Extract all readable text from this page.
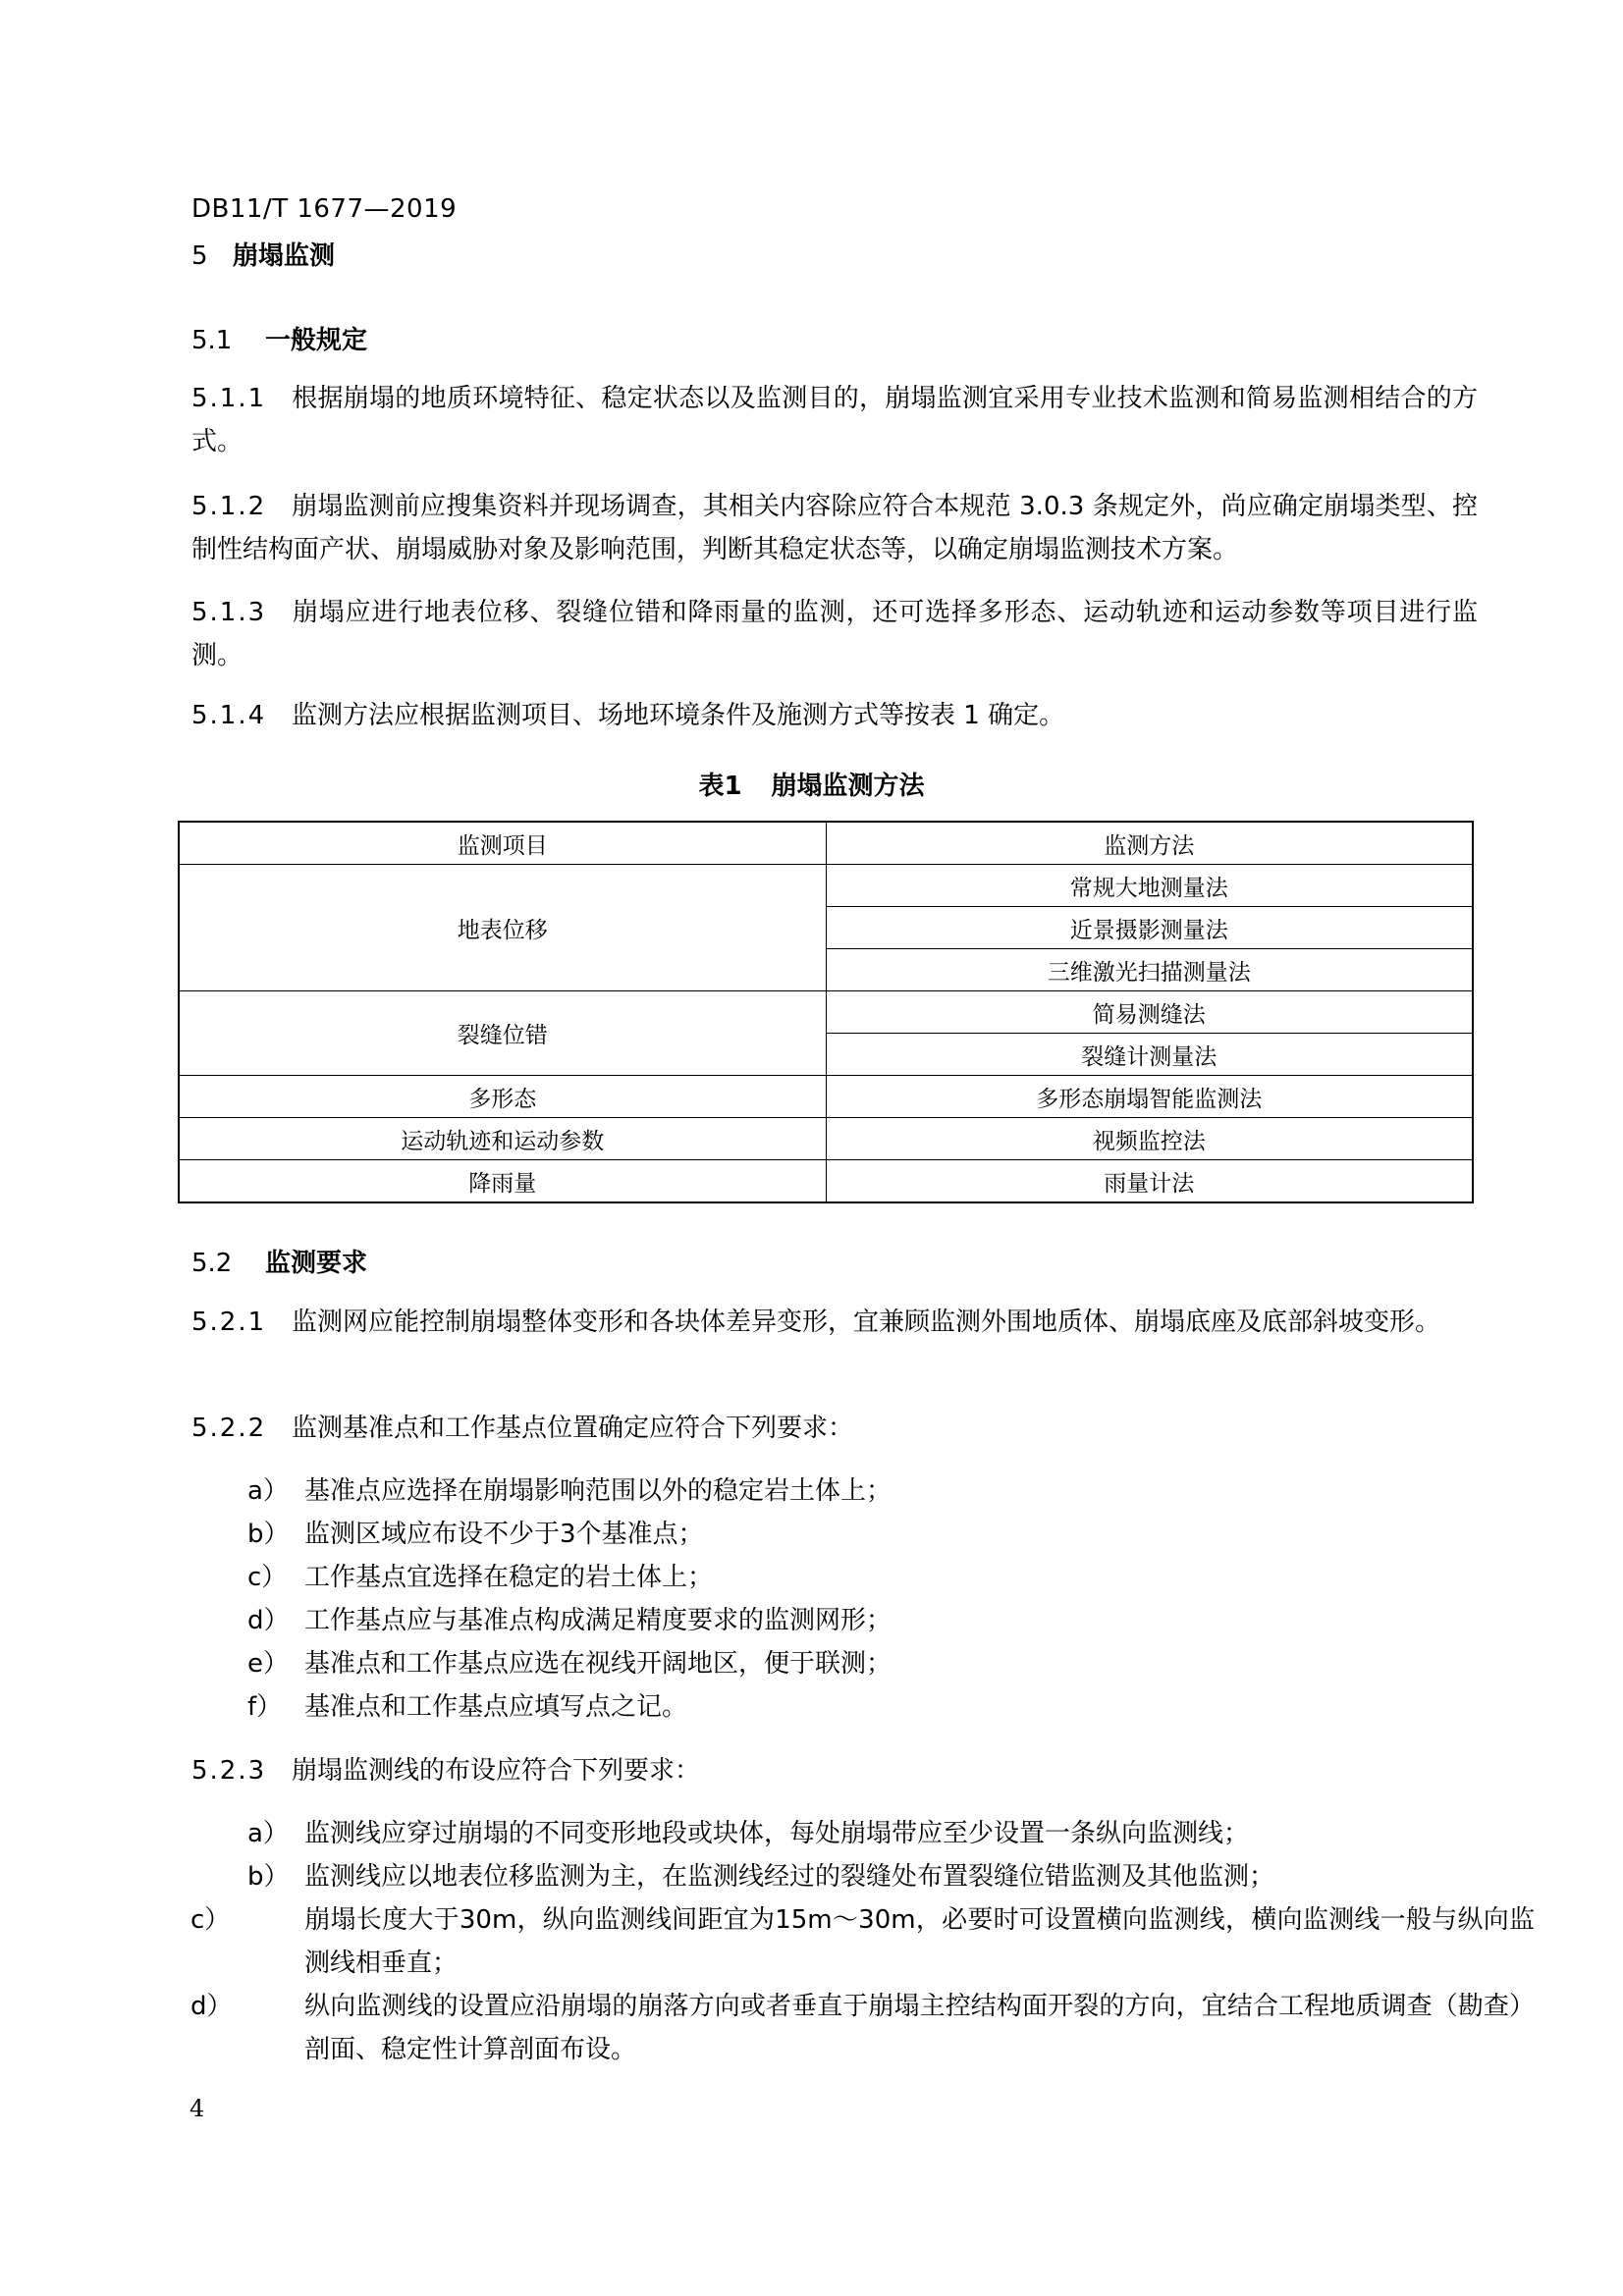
DB11/T 1677—2019
5 崩塌监测
5.1 一般规定
5.1.1 根据崩塌的地质环境特征、稳定状态以及监测目的，崩塌监测宜采用专业技术监测和简易监测相结合的方式。
5.1.2 崩塌监测前应搜集资料并现场调查，其相关内容除应符合本规范 3.0.3 条规定外，尚应确定崩塌类型、控制性结构面产状、崩塌威胁对象及影响范围，判断其稳定状态等，以确定崩塌监测技术方案。
5.1.3 崩塌应进行地表位移、裂缝位错和降雨量的监测，还可选择多形态、运动轨迹和运动参数等项目进行监测。
5.1.4 监测方法应根据监测项目、场地环境条件及施测方式等按表 1 确定。
表1 崩塌监测方法
监测项目	监测方法
地表位移	常规大地测量法
	近景摄影测量法
	三维激光扫描测量法
裂缝位错	简易测缝法
	裂缝计测量法
多形态	多形态崩塌智能监测法
运动轨迹和运动参数	视频监控法
降雨量	雨量计法
5.2 监测要求
5.2.1 监测网应能控制崩塌整体变形和各块体差异变形，宜兼顾监测外围地质体、崩塌底座及底部斜坡变形。
5.2.2 监测基准点和工作基点位置确定应符合下列要求：
a） 基准点应选择在崩塌影响范围以外的稳定岩土体上；
b） 监测区域应布设不少于3个基准点；
c） 工作基点宜选择在稳定的岩土体上；
d） 工作基点应与基准点构成满足精度要求的监测网形；
e） 基准点和工作基点应选在视线开阔地区，便于联测；
f） 基准点和工作基点应填写点之记。
5.2.3 崩塌监测线的布设应符合下列要求：
a） 监测线应穿过崩塌的不同变形地段或块体，每处崩塌带应至少设置一条纵向监测线；
b） 监测线应以地表位移监测为主，在监测线经过的裂缝处布置裂缝位错监测及其他监测；
c）	崩塌长度大于30m，纵向监测线间距宜为15m～30m，必要时可设置横向监测线，横向监测线一般与纵向监测线相垂直；
d）	纵向监测线的设置应沿崩塌的崩落方向或者垂直于崩塌主控结构面开裂的方向，宜结合工程地质调查（勘查）剖面、稳定性计算剖面布设。
4
